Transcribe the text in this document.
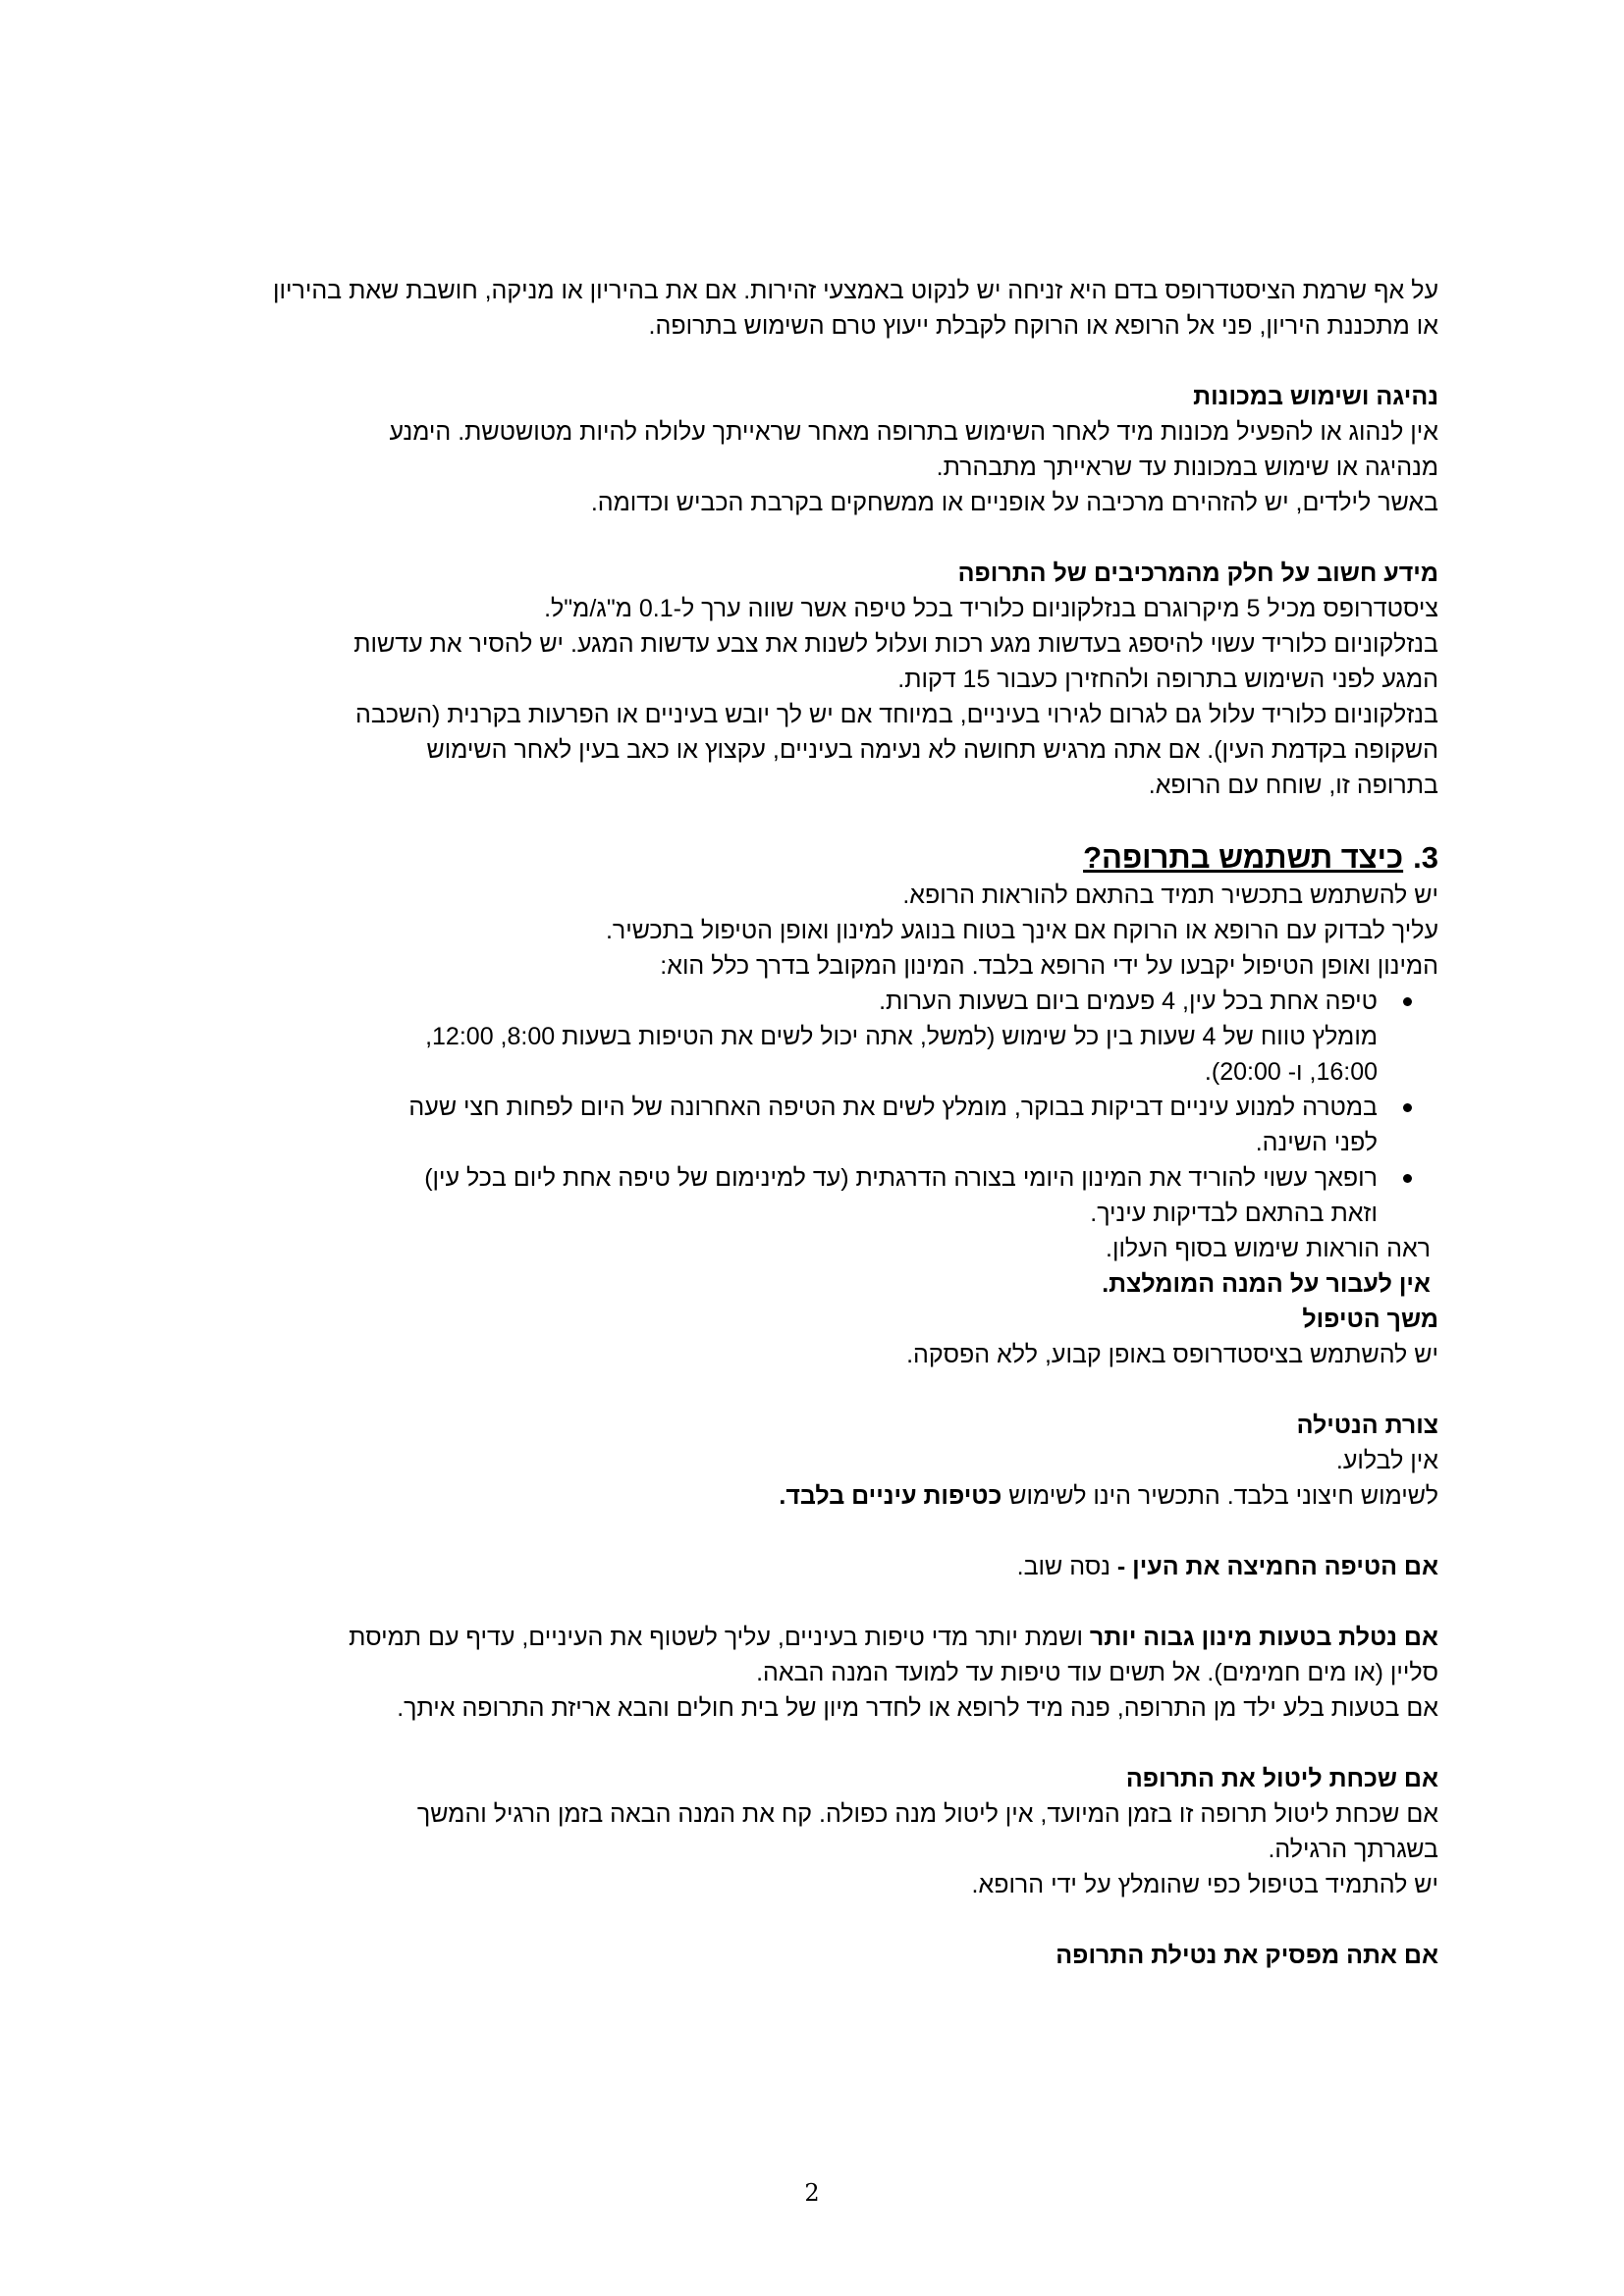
על אף שרמת הציסטדרופס בדם היא זניחה יש לנקוט באמצעי זהירות. אם את בהיריון או מניקה, חושבת שאת בהיריון

או מתכננת היריון, פני אל הרופא או הרוקח לקבלת ייעוץ טרם השימוש בתרופה.

נהיגה ושימוש במכונות

אין לנהוג או להפעיל מכונות מיד לאחר השימוש בתרופה מאחר שראייתך עלולה להיות מטושטשת. הימנע

מנהיגה או שימוש במכונות עד שראייתך מתבהרת.

באשר לילדים, יש להזהירם מרכיבה על אופניים או ממשחקים בקרבת הכביש וכדומה.

מידע חשוב על חלק מהמרכיבים של התרופה

ציסטדרופס מכיל 5 מיקרוגרם בנזלקוניום כלוריד בכל טיפה אשר שווה ערך ל-0.1 מ"ג/מ"ל.

בנזלקוניום כלוריד עשוי להיספג בעדשות מגע רכות ועלול לשנות את צבע עדשות המגע. יש להסיר את עדשות

המגע לפני השימוש בתרופה ולהחזירן כעבור 15 דקות.

בנזלקוניום כלוריד עלול גם לגרום לגירוי בעיניים, במיוחד אם יש לך יובש בעיניים או הפרעות בקרנית (השכבה

השקופה בקדמת העין). אם אתה מרגיש תחושה לא נעימה בעיניים, עקצוץ או כאב בעין לאחר השימוש

בתרופה זו, שוחח עם הרופא.

3.כיצד תשתמש בתרופה?

יש להשתמש בתכשיר תמיד בהתאם להוראות הרופא.

עליך לבדוק עם הרופא או הרוקח אם אינך בטוח בנוגע למינון ואופן הטיפול בתכשיר.

המינון ואופן הטיפול יקבעו על ידי הרופא בלבד. המינון המקובל בדרך כלל הוא:

טיפה אחת בכל עין, 4 פעמים ביום בשעות הערות.

מומלץ טווח של 4 שעות בין כל שימוש (למשל, אתה יכול לשים את הטיפות בשעות 8:00, 12:00,

16:00, ו- 20:00).

במטרה למנוע עיניים דביקות בבוקר, מומלץ לשים את הטיפה האחרונה של היום לפחות חצי שעה

לפני השינה.

רופאך עשוי להוריד את המינון היומי בצורה הדרגתית (עד למינימום של טיפה אחת ליום בכל עין)

וזאת בהתאם לבדיקות עיניך.

ראה הוראות שימוש בסוף העלון.

אין לעבור על המנה המומלצת.

משך הטיפול

יש להשתמש בציסטדרופס באופן קבוע, ללא הפסקה.

צורת הנטילה

אין לבלוע.

לשימוש חיצוני בלבד. התכשיר הינו לשימוש כטיפות עיניים בלבד.

אם הטיפה החמיצה את העין - נסה שוב.

אם נטלת בטעות מינון גבוה יותר ושמת יותר מדי טיפות בעיניים, עליך לשטוף את העיניים, עדיף עם תמיסת

סליין (או מים חמימים). אל תשים עוד טיפות עד למועד המנה הבאה.

אם בטעות בלע ילד מן התרופה, פנה מיד לרופא או לחדר מיון של בית חולים והבא אריזת התרופה איתך.

אם שכחת ליטול את התרופה

אם שכחת ליטול תרופה זו בזמן המיועד, אין ליטול מנה כפולה. קח את המנה הבאה בזמן הרגיל והמשך

בשגרתך הרגילה.

יש להתמיד בטיפול כפי שהומלץ על ידי הרופא.

אם אתה מפסיק את נטילת התרופה

2
